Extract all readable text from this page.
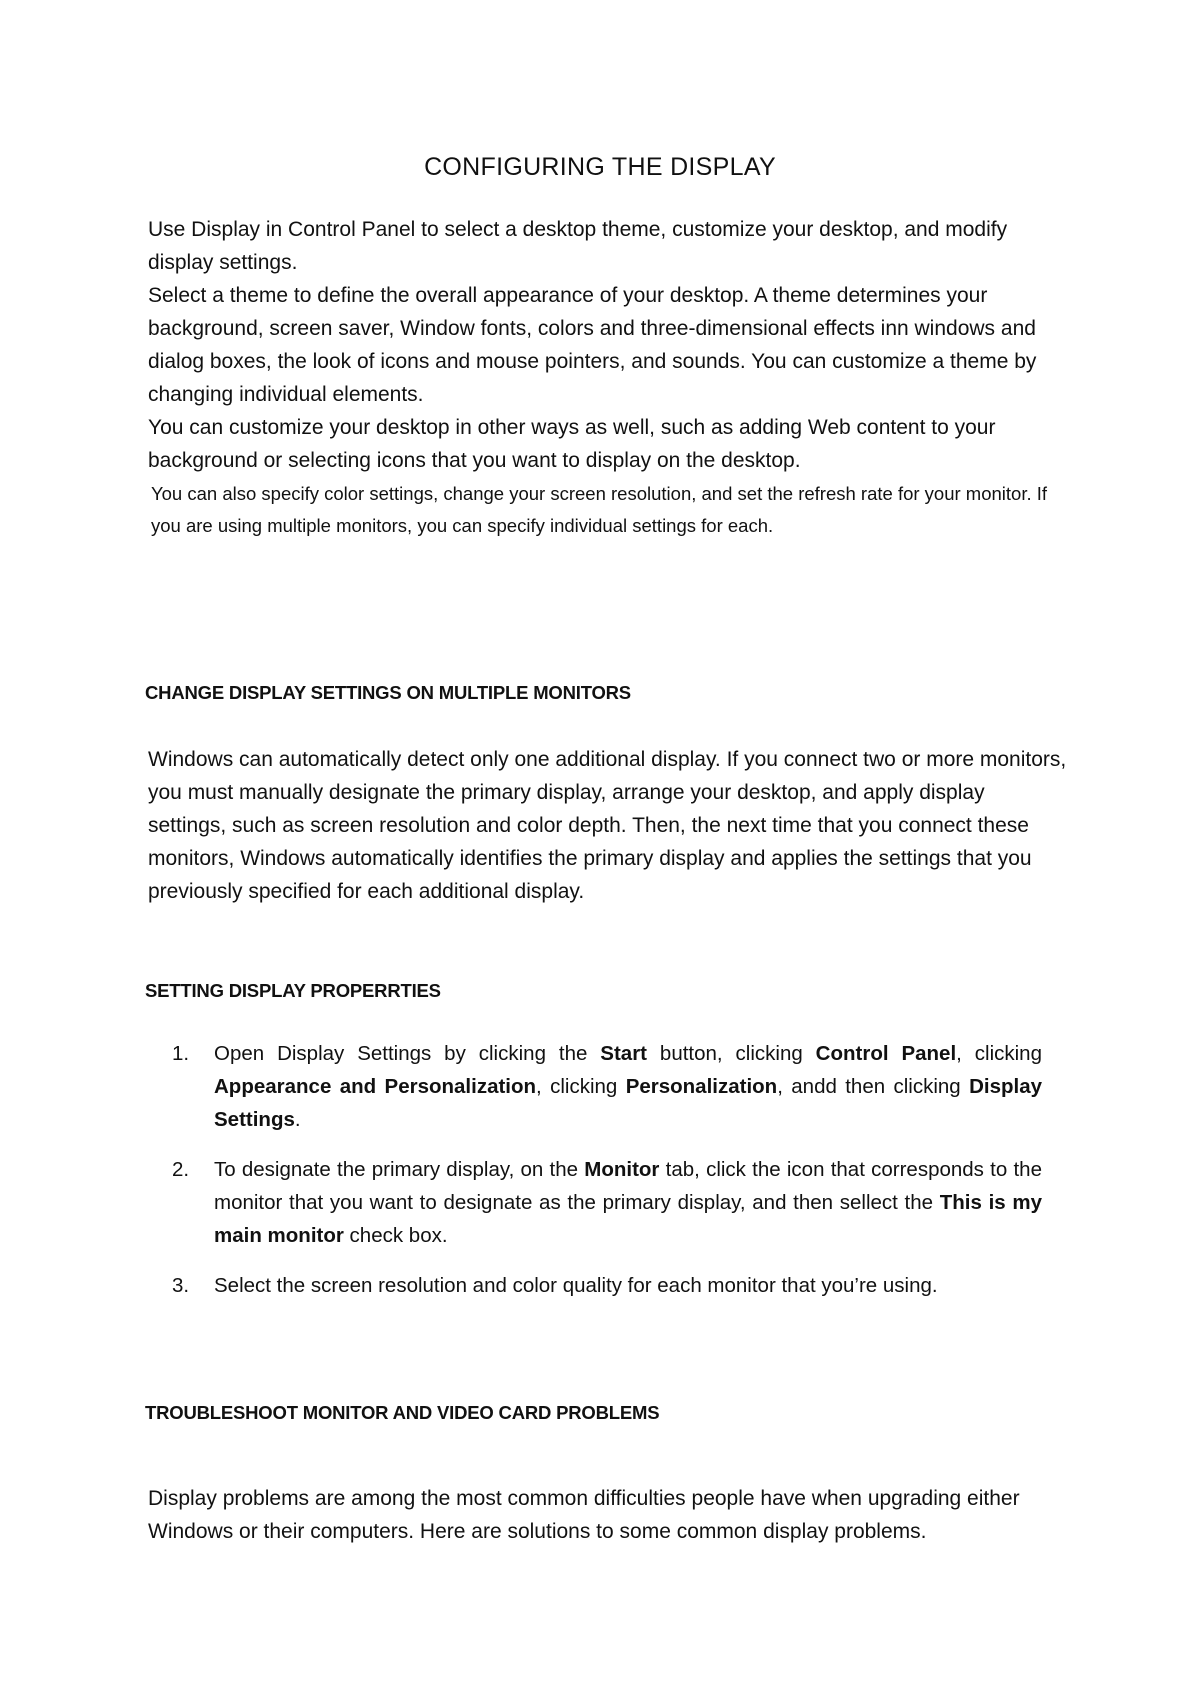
CONFIGURING THE DISPLAY
Use Display in Control Panel to select a desktop theme, customize your desktop, and modify display settings.
Select a theme to define the overall appearance of your desktop. A theme determines your background, screen saver, Window fonts, colors and three-dimensional effects inn windows and dialog boxes, the look of icons and mouse pointers, and sounds. You can customize a theme by changing individual elements.
You can customize your desktop in other ways as well, such as adding Web content to your background or selecting icons that you want to display on the desktop.
You can also specify color settings, change your screen resolution, and set the refresh rate for your monitor. If you are using multiple monitors, you can specify individual settings for each.
CHANGE DISPLAY SETTINGS ON MULTIPLE MONITORS
Windows can automatically detect only one additional display. If you connect two or more monitors, you must manually designate the primary display, arrange your desktop, and apply display settings, such as screen resolution and color depth. Then, the next time that you connect these monitors, Windows automatically identifies the primary display and applies the settings that you previously specified for each additional display.
SETTING DISPLAY PROPERRTIES
1. Open Display Settings by clicking the Start button, clicking Control Panel, clicking Appearance and Personalization, clicking Personalization, andd then clicking Display Settings.
2. To designate the primary display, on the Monitor tab, click the icon that corresponds to the monitor that you want to designate as the primary display, and then sellect the This is my main monitor check box.
3. Select the screen resolution and color quality for each monitor that you’re using.
TROUBLESHOOT MONITOR AND VIDEO CARD PROBLEMS
Display problems are among the most common difficulties people have when upgrading either Windows or their computers. Here are solutions to some common display problems.
